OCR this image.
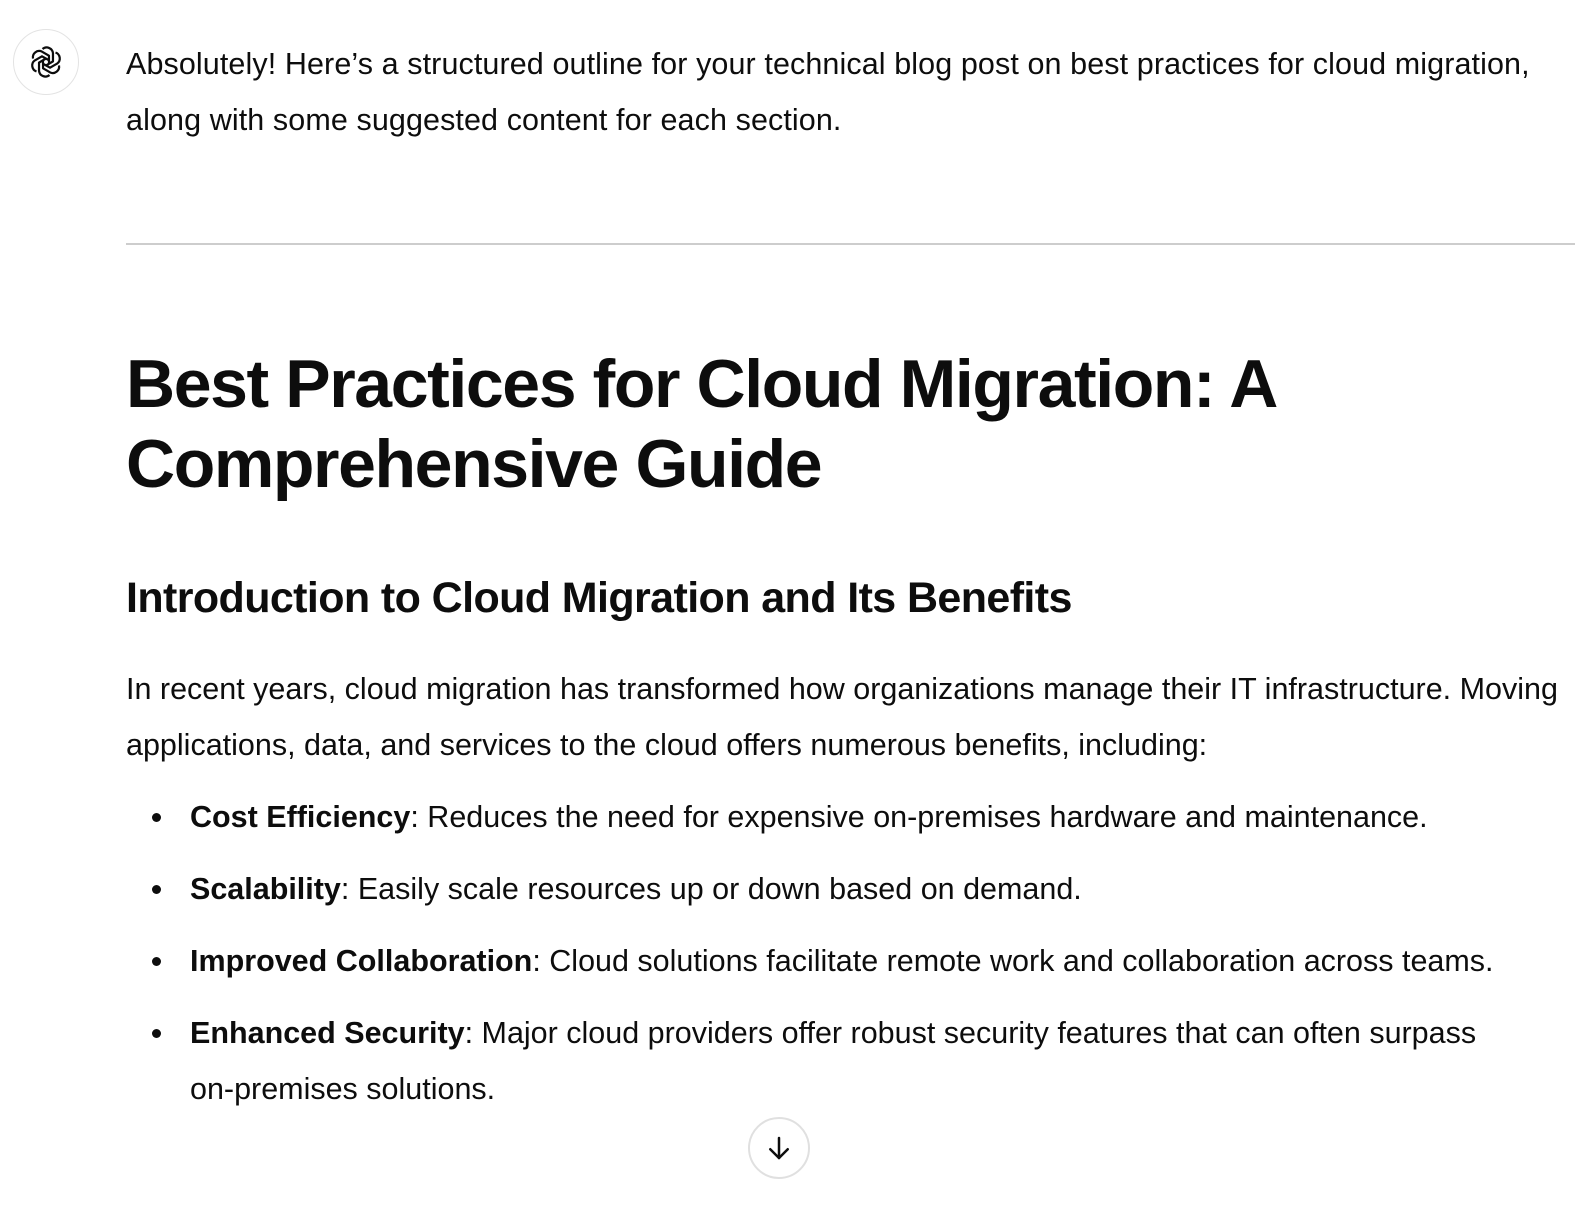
Absolutely! Here’s a structured outline for your technical blog post on best practices for cloud migration, along with some suggested content for each section.

Best Practices for Cloud Migration: A Comprehensive Guide
Introduction to Cloud Migration and Its Benefits

In recent years, cloud migration has transformed how organizations manage their IT infrastructure. Moving applications, data, and services to the cloud offers numerous benefits, including:

Cost Efficiency: Reduces the need for expensive on-premises hardware and maintenance.
Scalability: Easily scale resources up or down based on demand.
Improved Collaboration: Cloud solutions facilitate remote work and collaboration across teams.
Enhanced Security: Major cloud providers offer robust security features that can often surpass on-premises solutions.
